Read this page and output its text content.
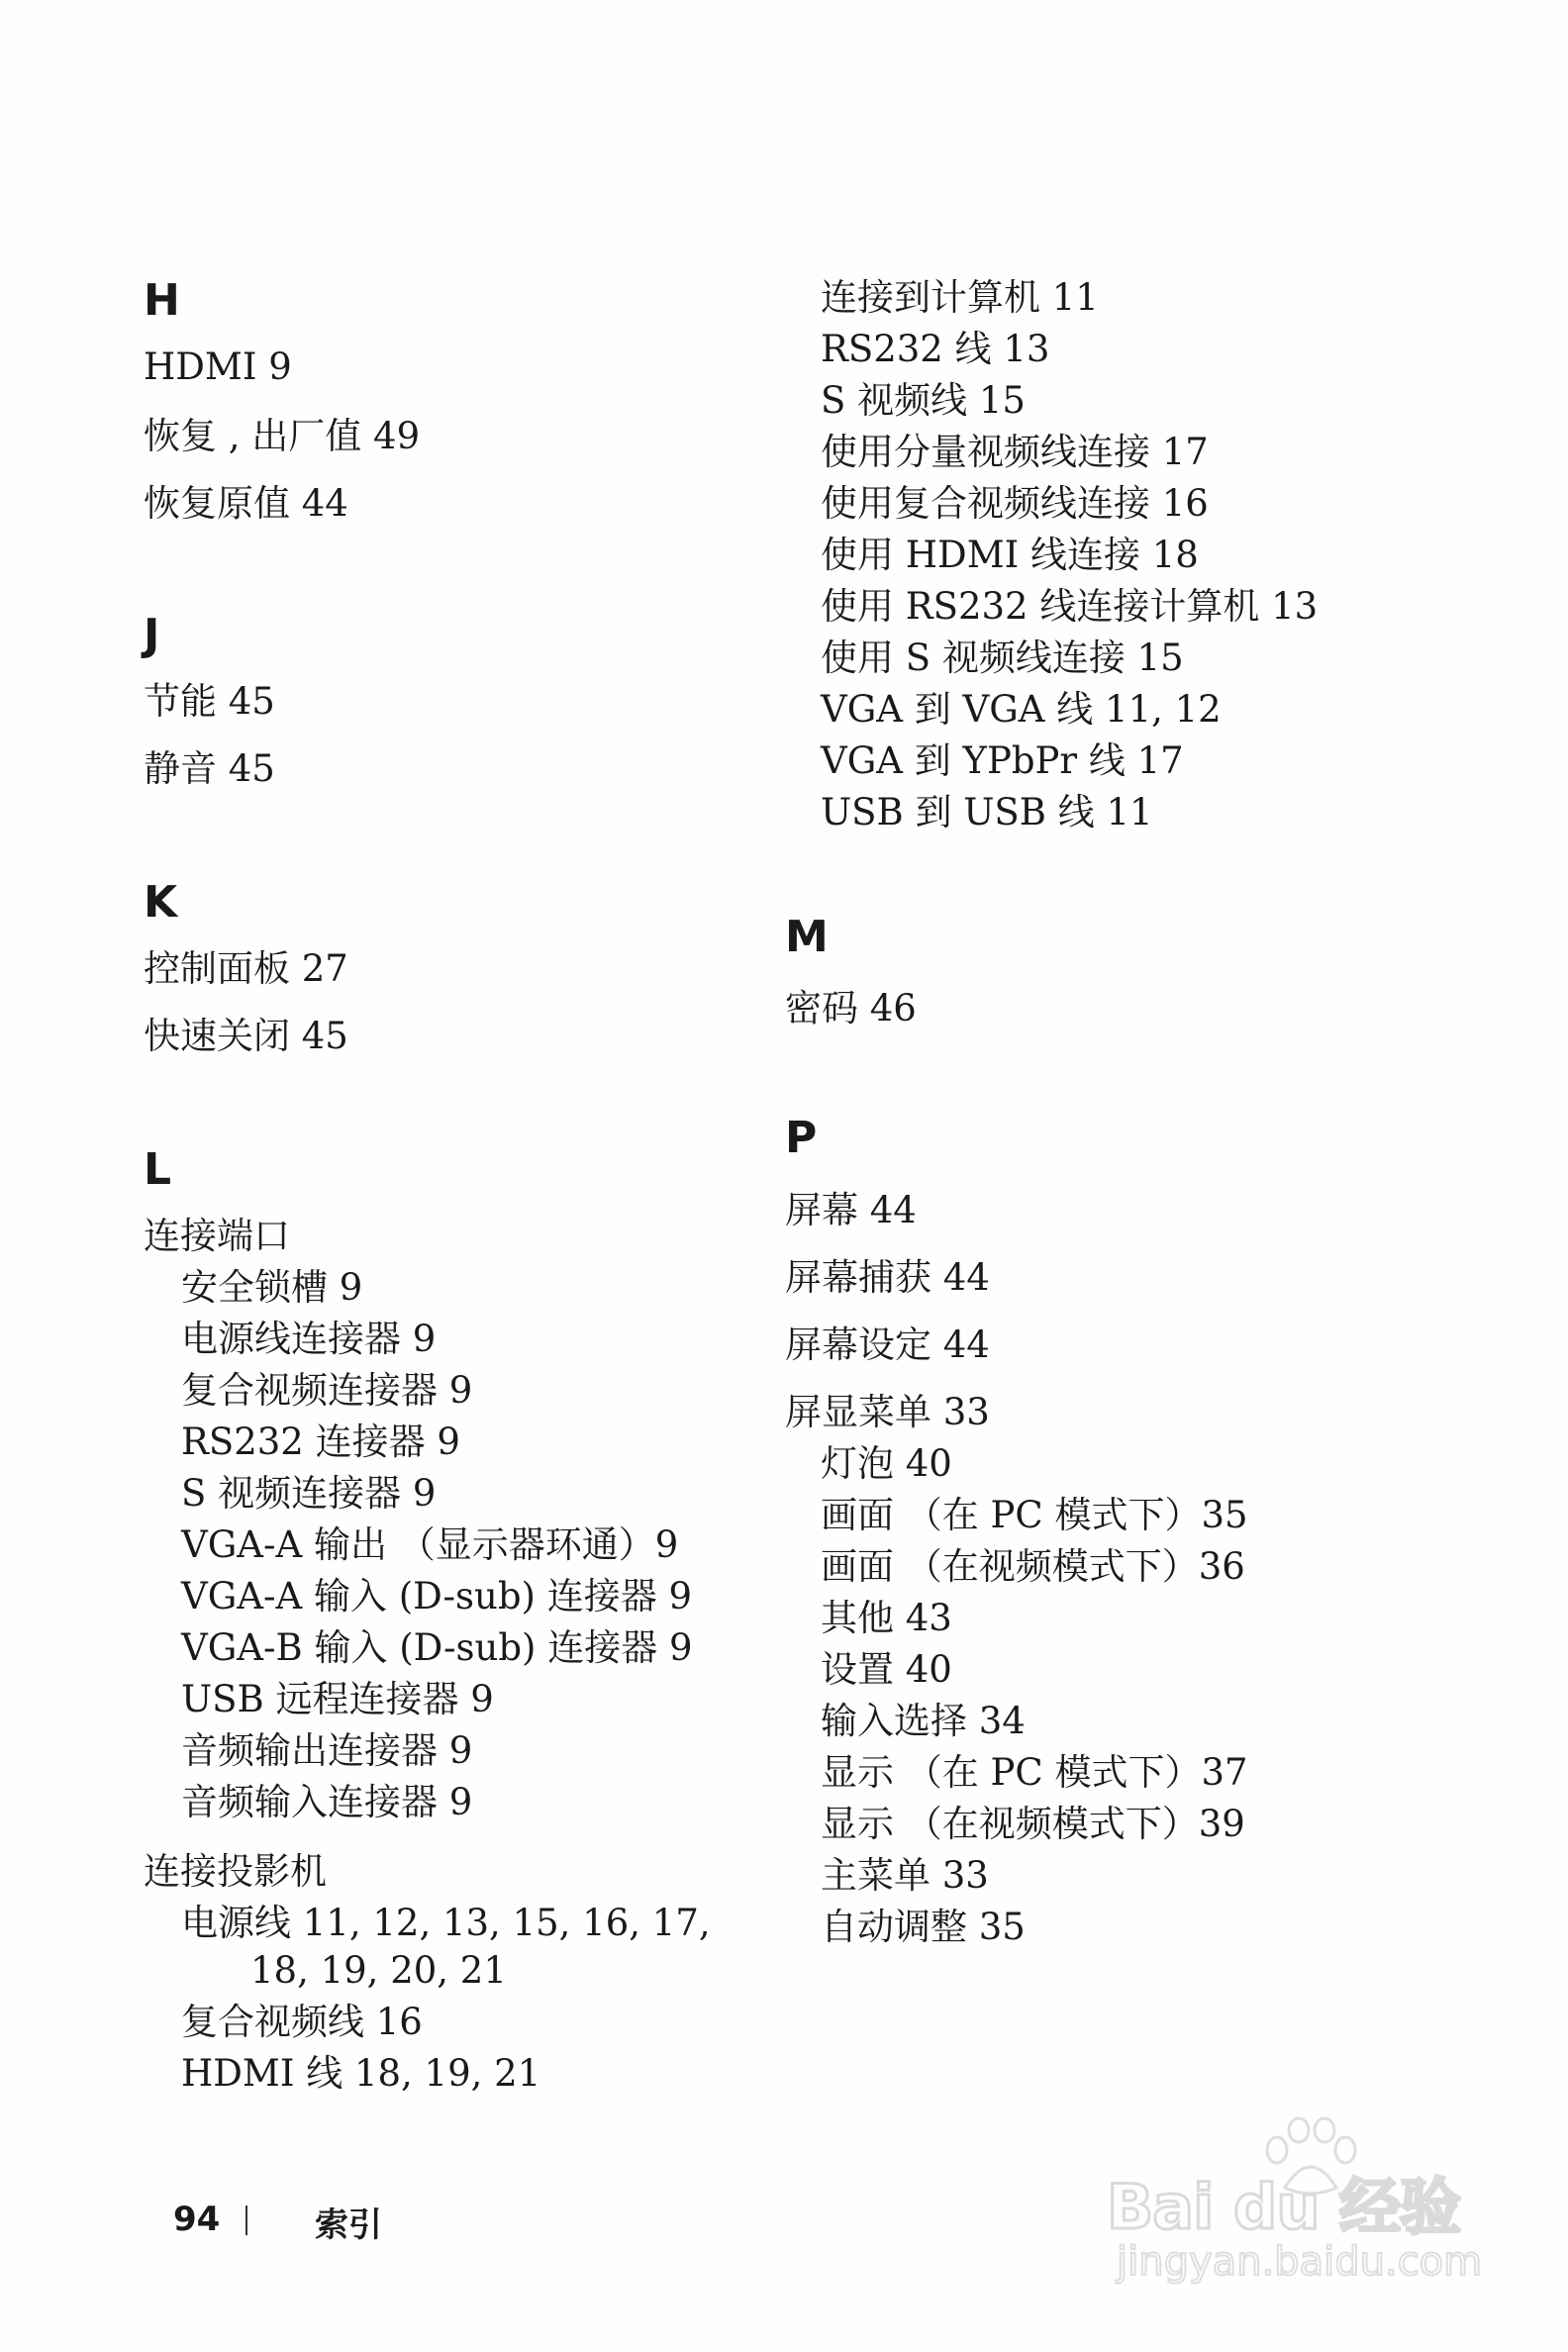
H
HDMI 9
恢复 , 出厂值 49
恢复原值 44
J
节能 45
静音 45
K
控制面板 27
快速关闭 45
L
连接端口
安全锁槽 9
电源线连接器 9
复合视频连接器 9
RS232 连接器 9
S 视频连接器 9
VGA-A 输出 （显示器环通）9
VGA-A 输入 (D-sub) 连接器 9
VGA-B 输入 (D-sub) 连接器 9
USB 远程连接器 9
音频输出连接器 9
音频输入连接器 9
连接投影机
电源线 11, 12, 13, 15, 16, 17,
18, 19, 20, 21
复合视频线 16
HDMI 线 18, 19, 21
连接到计算机 11
RS232 线 13
S 视频线 15
使用分量视频线连接 17
使用复合视频线连接 16
使用 HDMI 线连接 18
使用 RS232 线连接计算机 13
使用 S 视频线连接 15
VGA 到 VGA 线 11, 12
VGA 到 YPbPr 线 17
USB 到 USB 线 11
M
密码 46
P
屏幕 44
屏幕捕获 44
屏幕设定 44
屏显菜单 33
灯泡 40
画面 （在 PC 模式下）35
画面 （在视频模式下）36
其他 43
设置 40
输入选择 34
显示 （在 PC 模式下）37
显示 （在视频模式下）39
主菜单 33
自动调整 35
94	索引	Bai du 经验
jingyan.baidu.com
